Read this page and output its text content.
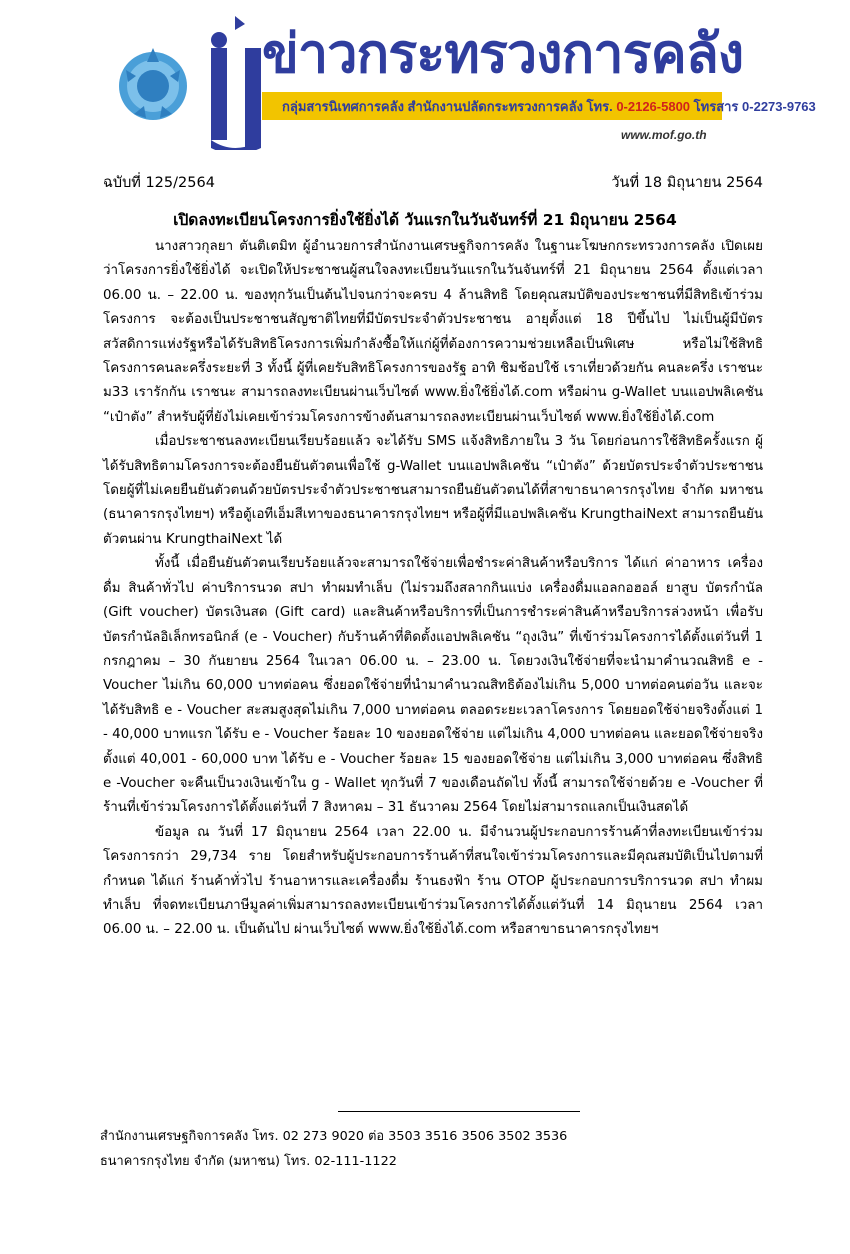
ข่าวกระทรวงการคลัง
กลุ่มสารนิเทศการคลัง สำนักงานปลัดกระทรวงการคลัง โทร. 0-2126-5800 โทรสาร 0-2273-9763
www.mof.go.th
ฉบับที่ 125/2564	วันที่ 18 มิถุนายน 2564
เปิดลงทะเบียนโครงการยิ่งใช้ยิ่งได้ วันแรกในวันจันทร์ที่ 21 มิถุนายน 2564

นางสาวกุลยา ตันติเตมิท ผู้อำนวยการสำนักงานเศรษฐกิจการคลัง ในฐานะโฆษกกระทรวงการคลัง เปิดเผยว่าโครงการยิ่งใช้ยิ่งได้ จะเปิดให้ประชาชนผู้สนใจลงทะเบียนวันแรกในวันจันทร์ที่ 21 มิถุนายน 2564 ตั้งแต่เวลา 06.00 น. – 22.00 น. ของทุกวันเป็นต้นไปจนกว่าจะครบ 4 ล้านสิทธิ โดยคุณสมบัติของประชาชนที่มีสิทธิเข้าร่วมโครงการ จะต้องเป็นประชาชนสัญชาติไทยที่มีบัตรประจำตัวประชาชน อายุตั้งแต่ 18 ปีขึ้นไป ไม่เป็นผู้มีบัตรสวัสดิการแห่งรัฐหรือได้รับสิทธิโครงการเพิ่มกำลังซื้อให้แก่ผู้ที่ต้องการความช่วยเหลือเป็นพิเศษ หรือไม่ใช้สิทธิโครงการคนละครึ่งระยะที่ 3 ทั้งนี้ ผู้ที่เคยรับสิทธิโครงการของรัฐ อาทิ ชิมช้อปใช้ เราเที่ยวด้วยกัน คนละครึ่ง เราชนะ ม33 เรารักกัน เราชนะ สามารถลงทะเบียนผ่านเว็บไซต์ www.ยิ่งใช้ยิ่งได้.com หรือผ่าน g-Wallet บนแอปพลิเคชัน “เป๋าตัง” สำหรับผู้ที่ยังไม่เคยเข้าร่วมโครงการข้างต้นสามารถลงทะเบียนผ่านเว็บไซต์ www.ยิ่งใช้ยิ่งได้.com

เมื่อประชาชนลงทะเบียนเรียบร้อยแล้ว จะได้รับ SMS แจ้งสิทธิภายใน 3 วัน โดยก่อนการใช้สิทธิครั้งแรก ผู้ได้รับสิทธิตามโครงการจะต้องยืนยันตัวตนเพื่อใช้ g-Wallet บนแอปพลิเคชัน “เป๋าตัง” ด้วยบัตรประจำตัวประชาชน โดยผู้ที่ไม่เคยยืนยันตัวตนด้วยบัตรประจำตัวประชาชนสามารถยืนยันตัวตนได้ที่สาขาธนาคารกรุงไทย จำกัด มหาชน (ธนาคารกรุงไทยฯ) หรือตู้เอทีเอ็มสีเทาของธนาคารกรุงไทยฯ หรือผู้ที่มีแอปพลิเคชัน KrungthaiNext สามารถยืนยันตัวตนผ่าน KrungthaiNext ได้

ทั้งนี้ เมื่อยืนยันตัวตนเรียบร้อยแล้วจะสามารถใช้จ่ายเพื่อชำระค่าสินค้าหรือบริการ ได้แก่ ค่าอาหาร เครื่องดื่ม สินค้าทั่วไป ค่าบริการนวด สปา ทำผมทำเล็บ (ไม่รวมถึงสลากกินแบ่ง เครื่องดื่มแอลกอฮอล์ ยาสูบ บัตรกำนัล (Gift voucher) บัตรเงินสด (Gift card) และสินค้าหรือบริการที่เป็นการชำระค่าสินค้าหรือบริการล่วงหน้า เพื่อรับบัตรกำนัลอิเล็กทรอนิกส์ (e - Voucher) กับร้านค้าที่ติดตั้งแอปพลิเคชัน “ถุงเงิน” ที่เข้าร่วมโครงการได้ตั้งแต่วันที่ 1 กรกฎาคม – 30 กันยายน 2564 ในเวลา 06.00 น. – 23.00 น. โดยวงเงินใช้จ่ายที่จะนำมาคำนวณสิทธิ e - Voucher ไม่เกิน 60,000 บาทต่อคน ซึ่งยอดใช้จ่ายที่นำมาคำนวณสิทธิต้องไม่เกิน 5,000 บาทต่อคนต่อวัน และจะได้รับสิทธิ e - Voucher สะสมสูงสุดไม่เกิน 7,000 บาทต่อคน ตลอดระยะเวลาโครงการ โดยยอดใช้จ่ายจริงตั้งแต่ 1 - 40,000 บาทแรก ได้รับ e - Voucher ร้อยละ 10 ของยอดใช้จ่าย แต่ไม่เกิน 4,000 บาทต่อคน และยอดใช้จ่ายจริงตั้งแต่ 40,001 - 60,000 บาท ได้รับ e - Voucher ร้อยละ 15 ของยอดใช้จ่าย แต่ไม่เกิน 3,000 บาทต่อคน ซึ่งสิทธิ e -Voucher จะคืนเป็นวงเงินเข้าใน g - Wallet ทุกวันที่ 7 ของเดือนถัดไป ทั้งนี้ สามารถใช้จ่ายด้วย e -Voucher ที่ร้านที่เข้าร่วมโครงการได้ตั้งแต่วันที่ 7 สิงหาคม – 31 ธันวาคม 2564 โดยไม่สามารถแลกเป็นเงินสดได้

ข้อมูล ณ วันที่ 17 มิถุนายน 2564 เวลา 22.00 น. มีจำนวนผู้ประกอบการร้านค้าที่ลงทะเบียนเข้าร่วมโครงการกว่า 29,734 ราย โดยสำหรับผู้ประกอบการร้านค้าที่สนใจเข้าร่วมโครงการและมีคุณสมบัติเป็นไปตามที่กำหนด ได้แก่ ร้านค้าทั่วไป ร้านอาหารและเครื่องดื่ม ร้านธงฟ้า ร้าน OTOP ผู้ประกอบการบริการนวด สปา ทำผม ทำเล็บ ที่จดทะเบียนภาษีมูลค่าเพิ่มสามารถลงทะเบียนเข้าร่วมโครงการได้ตั้งแต่วันที่ 14 มิถุนายน 2564 เวลา 06.00 น. – 22.00 น. เป็นต้นไป ผ่านเว็บไซต์ www.ยิ่งใช้ยิ่งได้.com หรือสาขาธนาคารกรุงไทยฯ

สำนักงานเศรษฐกิจการคลัง โทร. 02 273 9020 ต่อ 3503 3516 3506 3502 3536
ธนาคารกรุงไทย จำกัด (มหาชน) โทร. 02-111-1122
